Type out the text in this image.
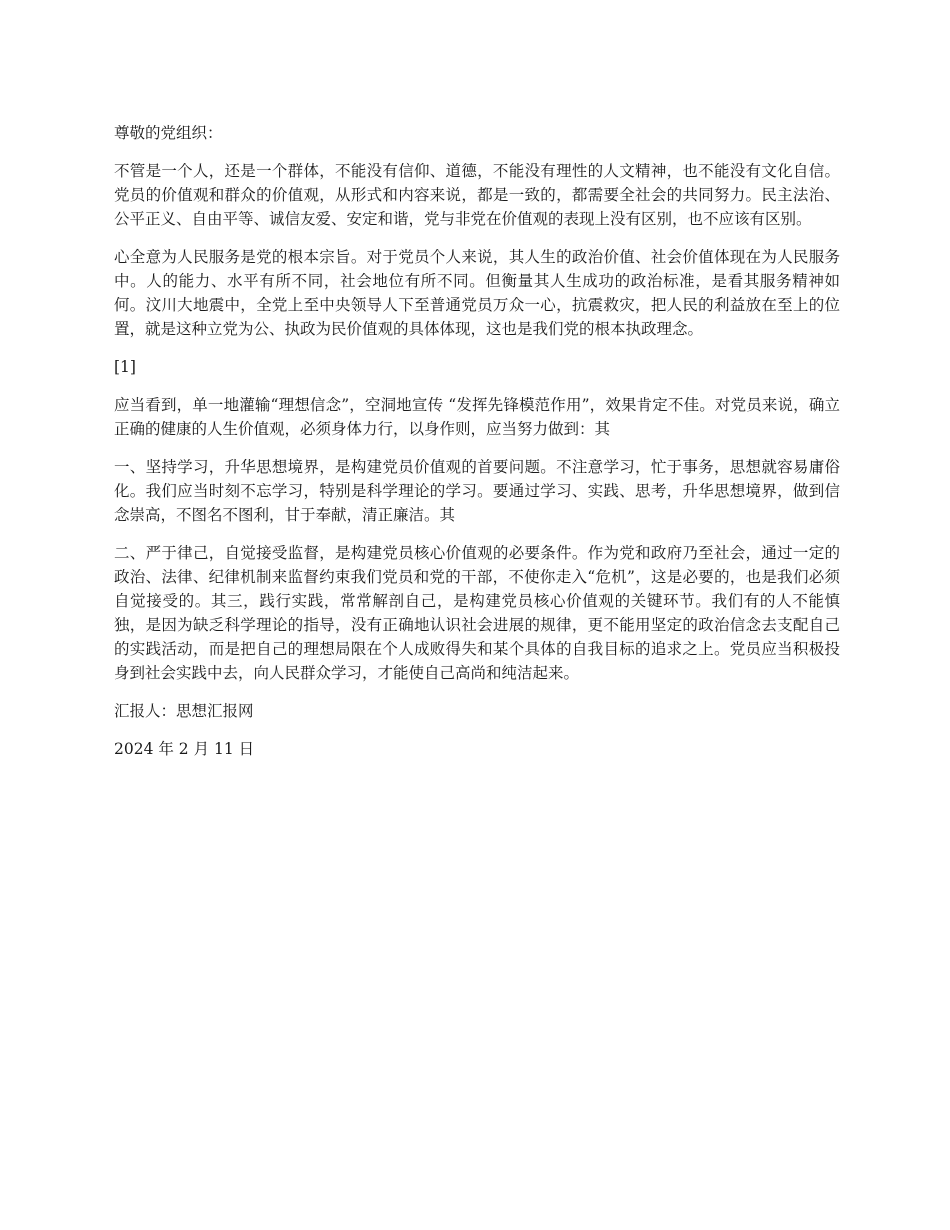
尊敬的党组织：

不管是一个人，还是一个群体，不能没有信仰、道德，不能没有理性的人文精神，也不能没有文化自信。党员的价值观和群众的价值观，从形式和内容来说，都是一致的，都需要全社会的共同努力。民主法治、公平正义、自由平等、诚信友爱、安定和谐，党与非党在价值观的表现上没有区别，也不应该有区别。

心全意为人民服务是党的根本宗旨。对于党员个人来说，其人生的政治价值、社会价值体现在为人民服务中。人的能力、水平有所不同，社会地位有所不同。但衡量其人生成功的政治标准，是看其服务精神如何。汶川大地震中，全党上至中央领导人下至普通党员万众一心，抗震救灾，把人民的利益放在至上的位置，就是这种立党为公、执政为民价值观的具体体现，这也是我们党的根本执政理念。

[1]

应当看到，单一地灌输“理想信念”，空洞地宣传 “发挥先锋模范作用”，效果肯定不佳。对党员来说，确立正确的健康的人生价值观，必须身体力行，以身作则，应当努力做到：其

一、坚持学习，升华思想境界，是构建党员价值观的首要问题。不注意学习，忙于事务，思想就容易庸俗化。我们应当时刻不忘学习，特别是科学理论的学习。要通过学习、实践、思考，升华思想境界，做到信念崇高，不图名不图利，甘于奉献，清正廉洁。其

二、严于律己，自觉接受监督，是构建党员核心价值观的必要条件。作为党和政府乃至社会，通过一定的政治、法律、纪律机制来监督约束我们党员和党的干部，不使你走入“危机”，这是必要的，也是我们必须自觉接受的。其三，践行实践，常常解剖自己，是构建党员核心价值观的关键环节。我们有的人不能慎独，是因为缺乏科学理论的指导，没有正确地认识社会进展的规律，更不能用坚定的政治信念去支配自己的实践活动，而是把自己的理想局限在个人成败得失和某个具体的自我目标的追求之上。党员应当积极投身到社会实践中去，向人民群众学习，才能使自己高尚和纯洁起来。

汇报人：思想汇报网

2024 年 2 月 11 日
